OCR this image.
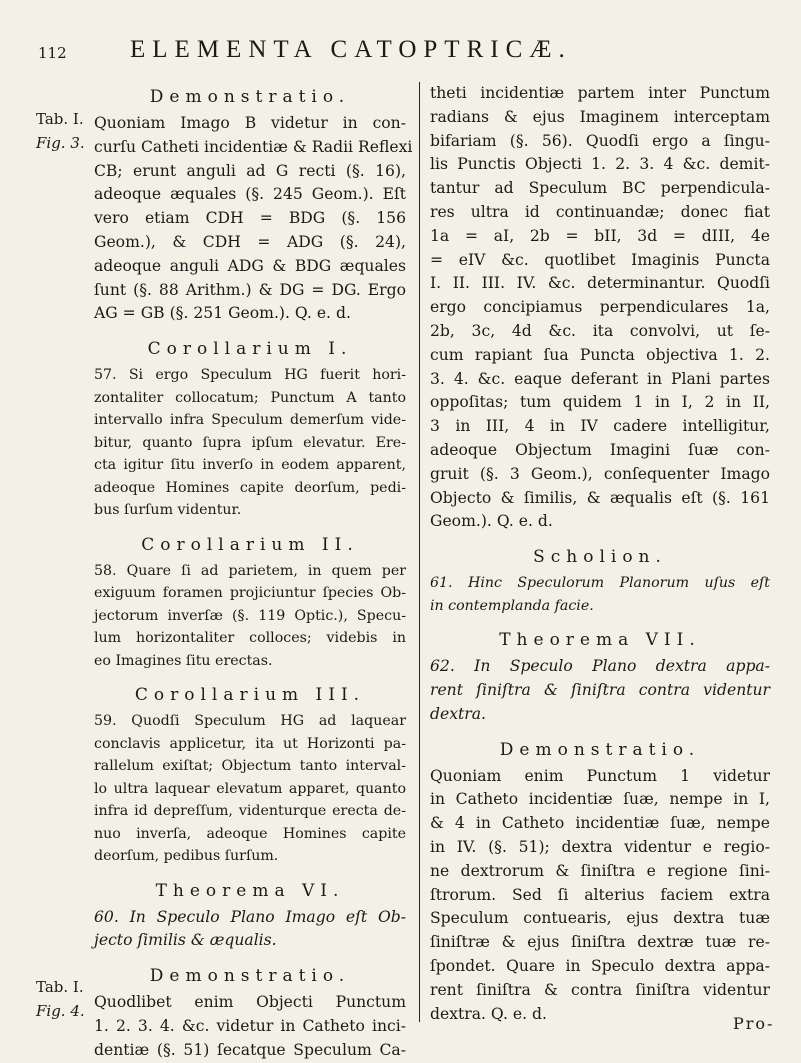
112	ELEMENTA CATOPTRICÆ.
Tab. I.
Fig. 3.
Tab. I.
Fig. 4.
Demonstratio.
Quoniam Imago B videtur in con-
curſu Catheti incidentiæ & Radii Reflexi
CB; erunt anguli ad G recti (§. 16),
adeoque æquales (§. 245 Geom.). Eſt
vero etiam CDH = BDG (§. 156
Geom.), & CDH = ADG (§. 24),
adeoque anguli ADG & BDG æquales
ſunt (§. 88 Arithm.) & DG = DG. Ergo
AG = GB (§. 251 Geom.). Q. e. d.
Corollarium I.
57. Si ergo Speculum HG fuerit hori-
zontaliter collocatum; Punctum A tanto
intervallo infra Speculum demerſum vide-
bitur, quanto ſupra ipſum elevatur. Ere-
cta igitur ſitu inverſo in eodem apparent,
adeoque Homines capite deorſum, pedi-
bus ſurſum videntur.
Corollarium II.
58. Quare ſi ad parietem, in quem per
exiguum foramen projiciuntur ſpecies Ob-
jectorum inverſæ (§. 119 Optic.), Specu-
lum horizontaliter colloces; videbis in
eo Imagines ſitu erectas.
Corollarium III.
59. Quodſi Speculum HG ad laquear
conclavis applicetur, ita ut Horizonti pa-
rallelum exiſtat; Objectum tanto interval-
lo ultra laquear elevatum apparet, quanto
infra id depreſſum, videnturque erecta de-
nuo inverſa, adeoque Homines capite
deorſum, pedibus ſurſum.
Theorema VI.
60. In Speculo Plano Imago eſt Ob-
jecto ſimilis & æqualis.
Demonstratio.
Quodlibet enim Objecti Punctum
1. 2. 3. 4. &c. videtur in Catheto inci-
dentiæ (§. 51) ſecatque Speculum Ca-
theti incidentiæ partem inter Punctum
radians & ejus Imaginem interceptam
bifariam (§. 56). Quodſi ergo a ſingu-
lis Punctis Objecti 1. 2. 3. 4 &c. demit-
tantur ad Speculum BC perpendicula-
res ultra id continuandæ; donec fiat
1a = aI, 2b = bII, 3d = dIII, 4e
= eIV &c. quotlibet Imaginis Puncta
I. II. III. IV. &c. determinantur. Quodſi
ergo concipiamus perpendiculares 1a,
2b, 3c, 4d &c. ita convolvi, ut ſe-
cum rapiant ſua Puncta objectiva 1. 2.
3. 4. &c. eaque deferant in Plani partes
oppoſitas; tum quidem 1 in I, 2 in II,
3 in III, 4 in IV cadere intelligitur,
adeoque Objectum Imagini ſuæ con-
gruit (§. 3 Geom.), conſequenter Imago
Objecto & ſimilis, & æqualis eſt (§. 161
Geom.). Q. e. d.
Scholion.
61. Hinc Speculorum Planorum uſus eſt
in contemplanda facie.
Theorema VII.
62. In Speculo Plano dextra appa-
rent ſiniſtra & ſiniſtra contra videntur
dextra.
Demonstratio.
Quoniam enim Punctum 1 videtur
in Catheto incidentiæ ſuæ, nempe in I,
& 4 in Catheto incidentiæ ſuæ, nempe
in IV. (§. 51); dextra videntur e regio-
ne dextrorum & ſiniſtra e regione ſini-
ſtrorum. Sed ſi alterius faciem extra
Speculum contuearis, ejus dextra tuæ
ſiniſtræ & ejus ſiniſtra dextræ tuæ re-
ſpondet. Quare in Speculo dextra appa-
rent ſiniſtra & contra ſiniſtra videntur
dextra. Q. e. d.
Pro-
